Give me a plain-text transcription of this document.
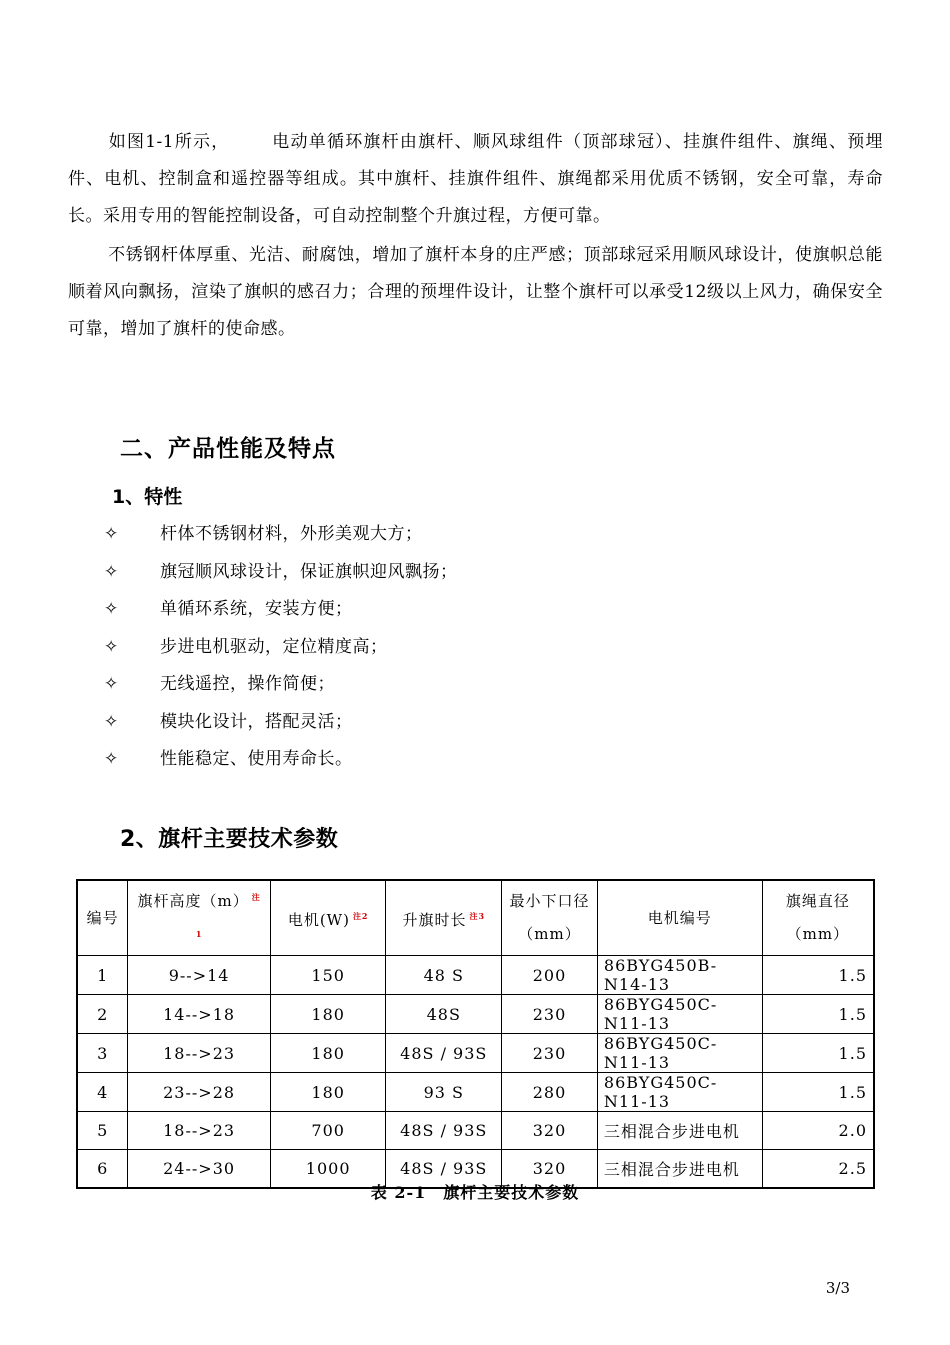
如图1-1所示， 电动单循环旗杆由旗杆、顺风球组件（顶部球冠）、挂旗件组件、旗绳、预埋件、电机、控制盒和遥控器等组成。其中旗杆、挂旗件组件、旗绳都采用优质不锈钢，安全可靠，寿命长。采用专用的智能控制设备，可自动控制整个升旗过程，方便可靠。
不锈钢杆体厚重、光洁、耐腐蚀，增加了旗杆本身的庄严感；顶部球冠采用顺风球设计，使旗帜总能顺着风向飘扬，渲染了旗帜的感召力；合理的预埋件设计，让整个旗杆可以承受12级以上风力，确保安全可靠，增加了旗杆的使命感。
二、产品性能及特点
1、特性
✧	杆体不锈钢材料，外形美观大方；
✧	旗冠顺风球设计，保证旗帜迎风飘扬；
✧	单循环系统，安装方便；
✧	步进电机驱动，定位精度高；
✧	无线遥控，操作简便；
✧	模块化设计，搭配灵活；
✧	性能稳定、使用寿命长。
2、旗杆主要技术参数
编号	旗杆高度（m） $^{注1}$	电机(W) $^{注2}$	升旗时长 $^{注3}$	最小下口径（mm）	电机编号	旗绳直径（mm）
1	9-->14	150	48 S	200	86BYG450B-N14-13	1.5
2	14-->18	180	48S	230	86BYG450C-N11-13	1.5
3	18-->23	180	48S / 93S	230	86BYG450C-N11-13	1.5
4	23-->28	180	93 S	280	86BYG450C-N11-13	1.5
5	18-->23	700	48S / 93S	320	三相混合步进电机	2.0
6	24-->30	1000	48S / 93S	320	三相混合步进电机	2.5
表 2-1　旗杆主要技术参数
3/3
